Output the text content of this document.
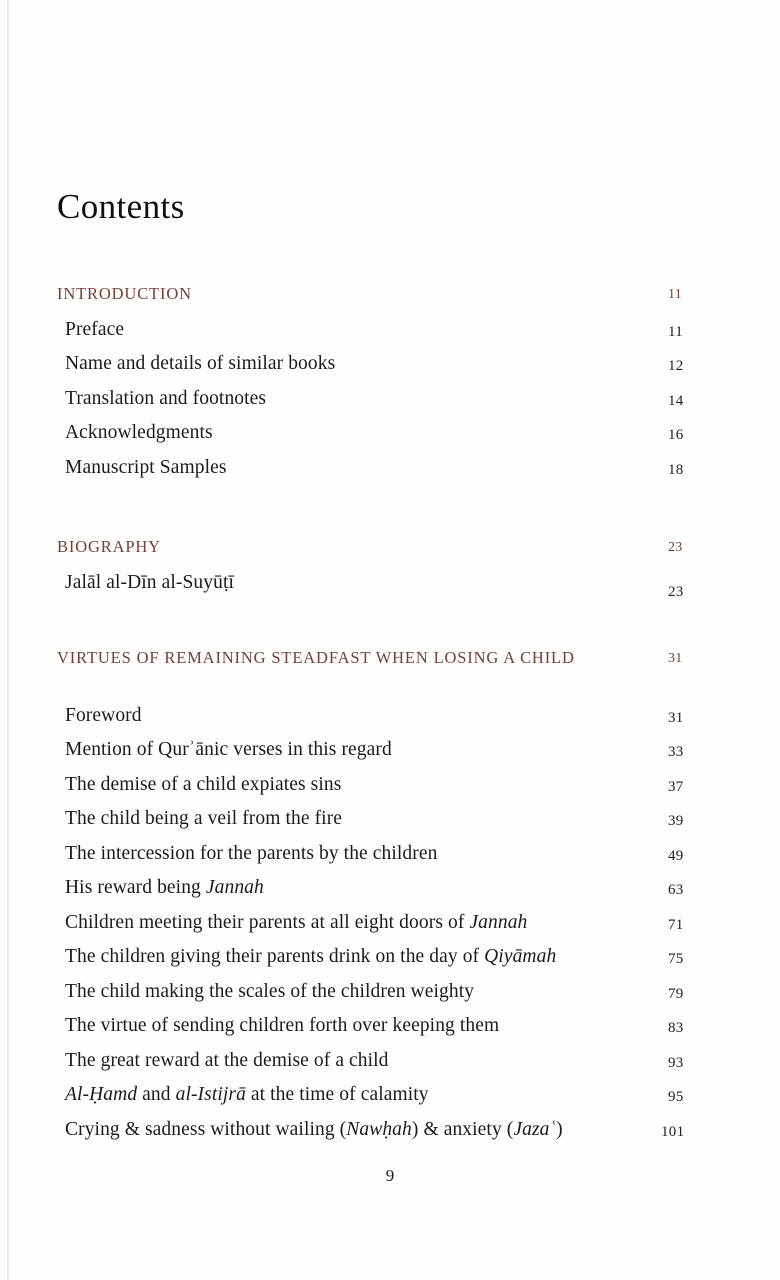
Contents
INTRODUCTION	11
Preface	11
Name and details of similar books	12
Translation and footnotes	14
Acknowledgments	16
Manuscript Samples	18
BIOGRAPHY	23
Jalāl al-Dīn al-Suyūṭī	23
VIRTUES OF REMAINING STEADFAST WHEN LOSING A CHILD	31
Foreword	31
Mention of Qurʾānic verses in this regard	33
The demise of a child expiates sins	37
The child being a veil from the fire	39
The intercession for the parents by the children	49
His reward being Jannah	63
Children meeting their parents at all eight doors of Jannah	71
The children giving their parents drink on the day of Qiyāmah	75
The child making the scales of the children weighty	79
The virtue of sending children forth over keeping them	83
The great reward at the demise of a child	93
Al-Ḥamd and al-Istijrā at the time of calamity	95
Crying & sadness without wailing (Nawḥah) & anxiety (Jazaʿ)	101
9
